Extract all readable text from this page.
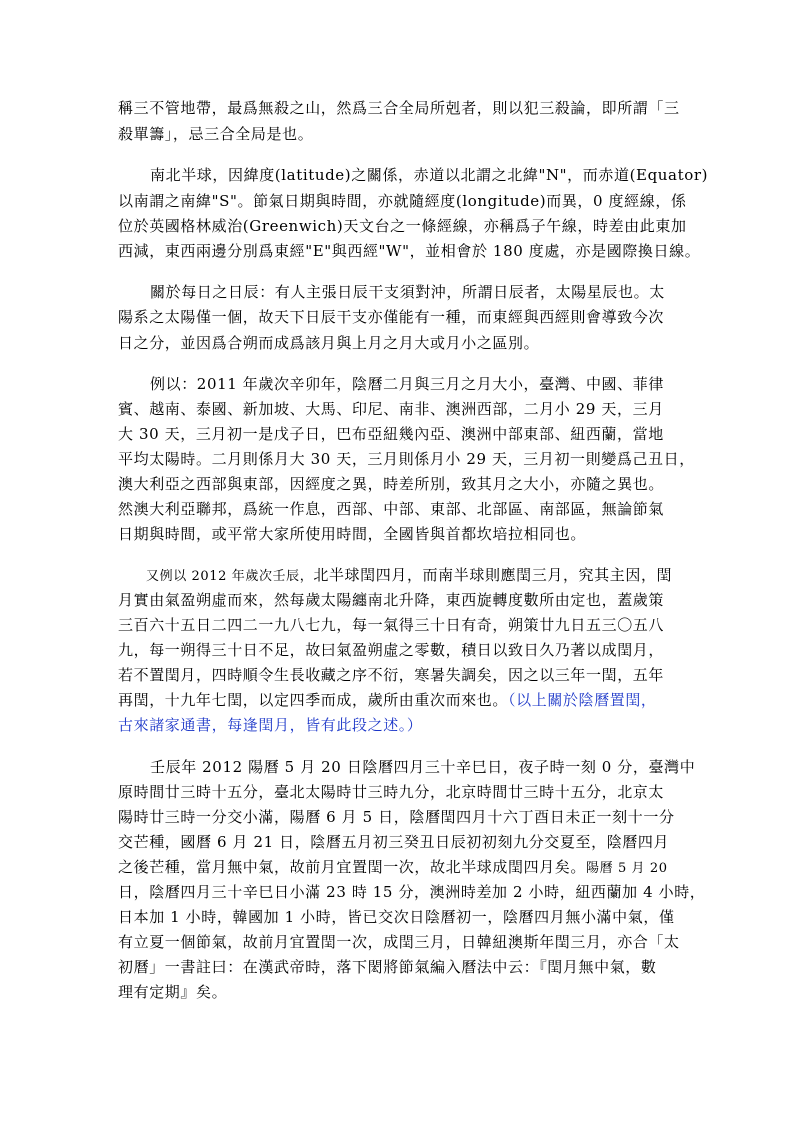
稱三不管地帶，最爲無殺之山，然爲三合全局所剋者，則以犯三殺論，即所謂「三
殺單籌」，忌三合全局是也。
南北半球，因緯度(latitude)之關係，赤道以北謂之北緯"N"，而赤道(Equator)
以南謂之南緯"S"。節氣日期與時間，亦就隨經度(longitude)而異，0 度經線，係
位於英國格林威治(Greenwich)天文台之一條經線，亦稱爲子午線，時差由此東加
西減，東西兩邊分別爲東經"E"與西經"W"，並相會於 180 度處，亦是國際換日線。
關於每日之日辰：有人主張日辰干支須對沖，所謂日辰者，太陽星辰也。太
陽系之太陽僅一個，故天下日辰干支亦僅能有一種，而東經與西經則會導致今次
日之分，並因爲合朔而成爲該月與上月之月大或月小之區別。
例以：2011 年歲次辛卯年，陰曆二月與三月之月大小，臺灣、中國、菲律
賓、越南、泰國、新加坡、大馬、印尼、南非、澳洲西部，二月小 29 天，三月
大 30 天，三月初一是戊子日，巴布亞紐幾內亞、澳洲中部東部、紐西蘭，當地
平均太陽時。二月則係月大 30 天，三月則係月小 29 天，三月初一則變爲己丑日，
澳大利亞之西部與東部，因經度之異，時差所別，致其月之大小，亦隨之異也。
然澳大利亞聯邦，爲統一作息，西部、中部、東部、北部區、南部區，無論節氣
日期與時間，或平常大家所使用時間，全國皆與首都坎培拉相同也。
又例以 2012 年歲次壬辰，北半球閏四月，而南半球則應閏三月，究其主因，閏
月實由氣盈朔虛而來，然每歲太陽纏南北升降，東西旋轉度數所由定也，蓋歲策
三百六十五日二四二一九八七九，每一氣得三十日有奇，朔策廿九日五三〇五八
九，每一朔得三十日不足，故曰氣盈朔虛之零數，積日以致日久乃著以成閏月，
若不置閏月，四時順令生長收藏之序不衍，寒暑失調矣，因之以三年一閏，五年
再閏，十九年七閏，以定四季而成，歲所由重次而來也。（以上關於陰曆置閏，
古來諸家通書，每逢閏月，皆有此段之述。）
壬辰年 2012 陽曆 5 月 20 日陰曆四月三十辛巳日，夜子時一刻 0 分，臺灣中
原時間廿三時十五分，臺北太陽時廿三時九分，北京時間廿三時十五分，北京太
陽時廿三時一分交小滿，陽曆 6 月 5 日，陰曆閏四月十六丁酉日未正一刻十一分
交芒種，國曆 6 月 21 日，陰曆五月初三癸丑日辰初初刻九分交夏至，陰曆四月
之後芒種，當月無中氣，故前月宜置閏一次，故北半球成閏四月矣。陽曆 5 月 20
日，陰曆四月三十辛巳日小滿 23 時 15 分，澳洲時差加 2 小時，紐西蘭加 4 小時，
日本加 1 小時，韓國加 1 小時，皆已交次日陰曆初一，陰曆四月無小滿中氣，僅
有立夏一個節氣，故前月宜置閏一次，成閏三月，日韓紐澳斯年閏三月，亦合「太
初曆」一書註曰：在漢武帝時，落下閎將節氣編入曆法中云：『閏月無中氣，數
理有定期』矣。
